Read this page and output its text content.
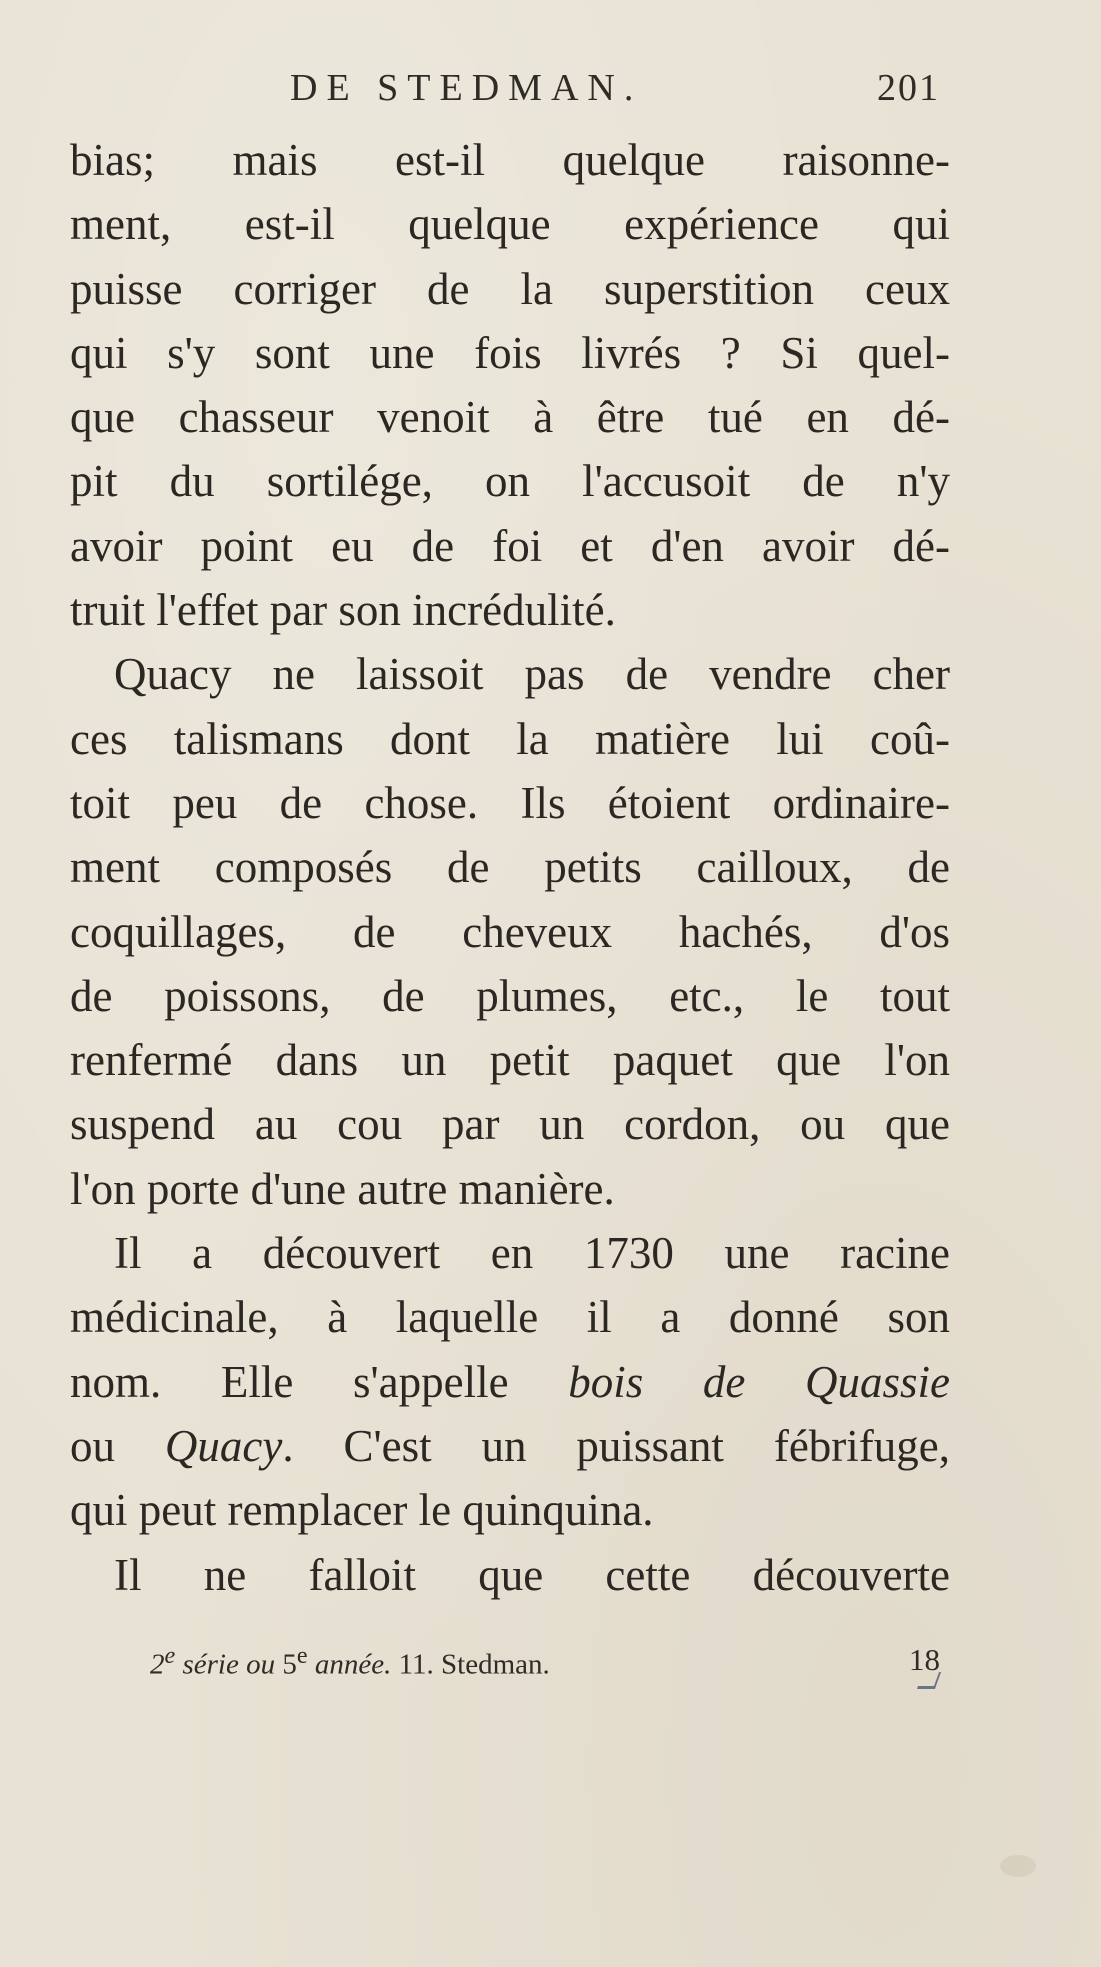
DE STEDMAN.	201
bias; mais est-il quelque raisonne-
ment, est-il quelque expérience qui
puisse corriger de la superstition ceux
qui s'y sont une fois livrés ? Si quel-
que chasseur venoit à être tué en dé-
pit du sortilége, on l'accusoit de n'y
avoir point eu de foi et d'en avoir dé-
truit l'effet par son incrédulité.
Quacy ne laissoit pas de vendre cher
ces talismans dont la matière lui coû-
toit peu de chose. Ils étoient ordinaire-
ment composés de petits cailloux, de
coquillages, de cheveux hachés, d'os
de poissons, de plumes, etc., le tout
renfermé dans un petit paquet que l'on
suspend au cou par un cordon, ou que
l'on porte d'une autre manière.
Il a découvert en 1730 une racine
médicinale, à laquelle il a donné son
nom. Elle s'appelle bois de Quassie
ou Quacy. C'est un puissant fébrifuge,
qui peut remplacer le quinquina.
Il ne falloit que cette découverte
2e série ou 5e année. 11. Stedman.	18
